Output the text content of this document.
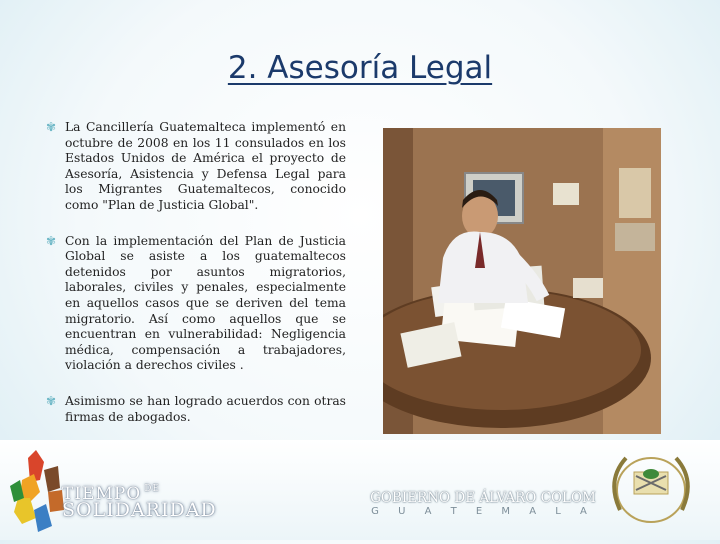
2. Asesoría Legal
✾ La Cancillería Guatemalteca implementó en octubre de 2008 en los 11 consulados en los Estados Unidos de América el proyecto de Asesoría, Asistencia y Defensa Legal para los Migrantes Guatemaltecos, conocido como "Plan de Justicia Global".
✾ Con la implementación del Plan de Justicia Global se asiste a los guatemaltecos detenidos por asuntos migratorios, laborales, civiles y penales, especialmente en aquellos casos que se deriven del tema migratorio. Así como aquellos que se encuentran en vulnerabilidad: Negligencia médica, compensación a trabajadores, violación a derechos civiles .
✾ Asimismo se han logrado acuerdos con otras firmas de abogados.
TIEMPO $^{DE}$
SOLIDARIDAD
GOBIERNO DE ÁLVARO COLOM
G U A T E M A L A
